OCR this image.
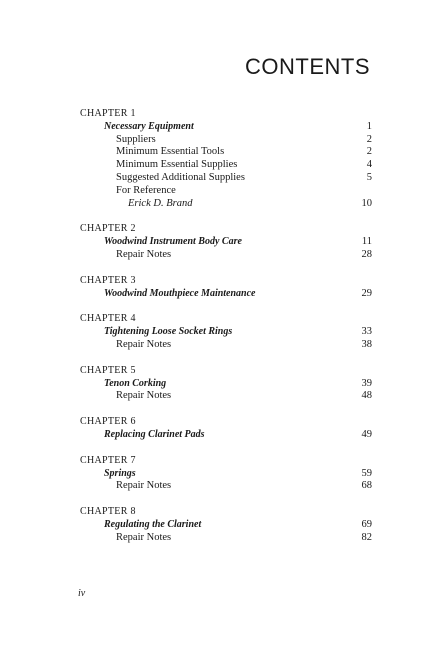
CONTENTS
CHAPTER 1
Necessary Equipment	1
Suppliers	2
Minimum Essential Tools	2
Minimum Essential Supplies	4
Suggested Additional Supplies	5
For Reference
Erick D. Brand	10
CHAPTER 2
Woodwind Instrument Body Care	11
Repair Notes	28
CHAPTER 3
Woodwind Mouthpiece Maintenance	29
CHAPTER 4
Tightening Loose Socket Rings	33
Repair Notes	38
CHAPTER 5
Tenon Corking	39
Repair Notes	48
CHAPTER 6
Replacing Clarinet Pads	49
CHAPTER 7
Springs	59
Repair Notes	68
CHAPTER 8
Regulating the Clarinet	69
Repair Notes	82
iv
